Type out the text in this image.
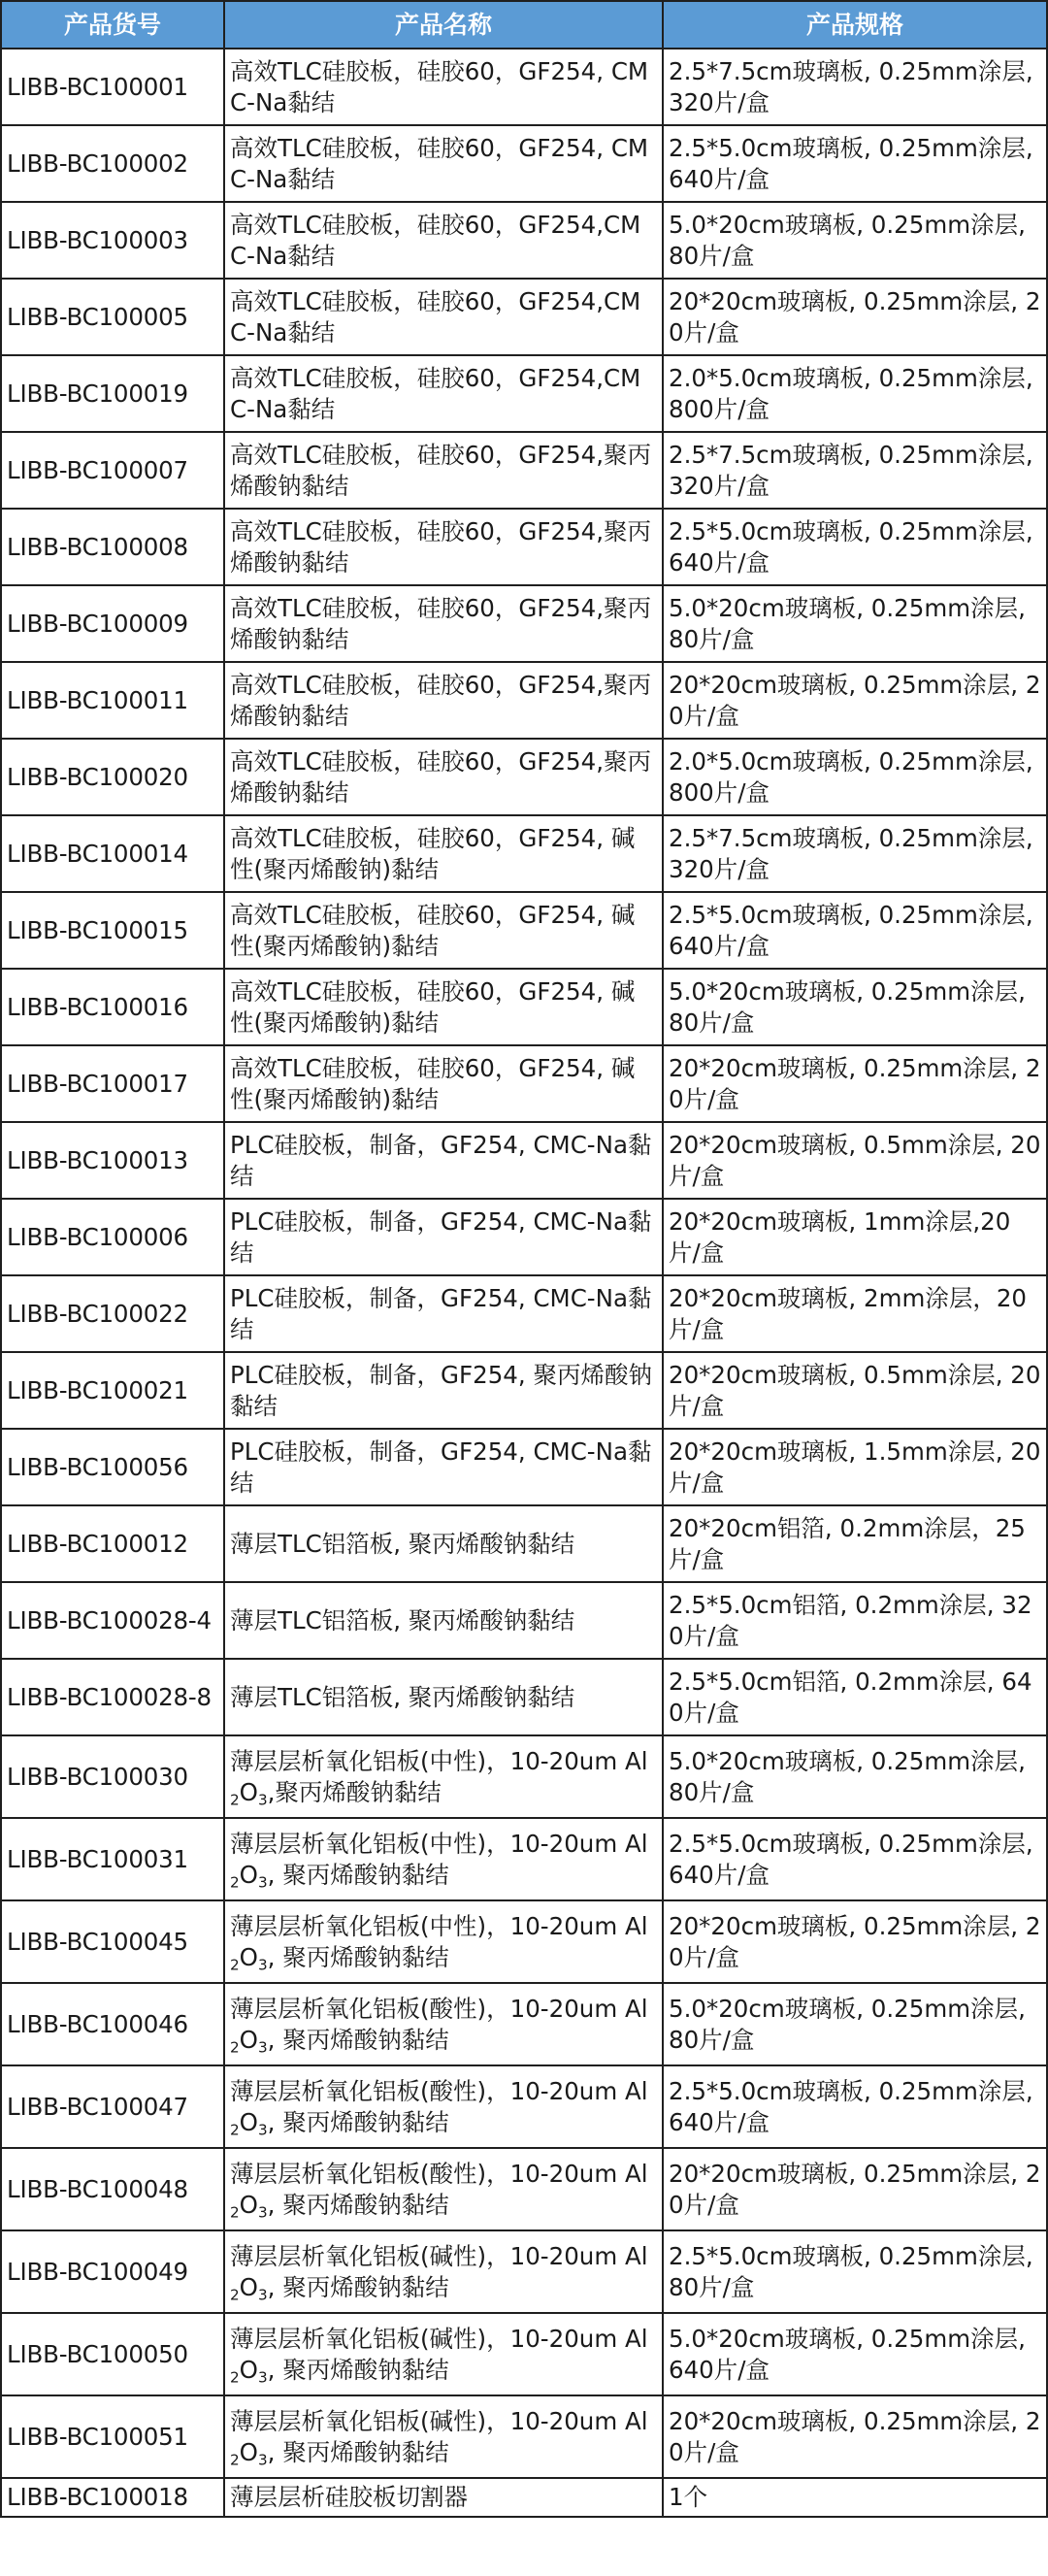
产品货号	产品名称	产品规格
LIBB-BC100001	高效TLC硅胶板，硅胶60，GF254, CMC-Na黏结	2.5*7.5cm玻璃板, 0.25mm涂层, 320片/盒
LIBB-BC100002	高效TLC硅胶板，硅胶60，GF254, CMC-Na黏结	2.5*5.0cm玻璃板, 0.25mm涂层, 640片/盒
LIBB-BC100003	高效TLC硅胶板，硅胶60，GF254,CMC-Na黏结	5.0*20cm玻璃板, 0.25mm涂层, 80片/盒
LIBB-BC100005	高效TLC硅胶板，硅胶60，GF254,CMC-Na黏结	20*20cm玻璃板, 0.25mm涂层, 20片/盒
LIBB-BC100019	高效TLC硅胶板，硅胶60，GF254,CMC-Na黏结	2.0*5.0cm玻璃板, 0.25mm涂层, 800片/盒
LIBB-BC100007	高效TLC硅胶板，硅胶60，GF254,聚丙烯酸钠黏结	2.5*7.5cm玻璃板, 0.25mm涂层, 320片/盒
LIBB-BC100008	高效TLC硅胶板，硅胶60，GF254,聚丙烯酸钠黏结	2.5*5.0cm玻璃板, 0.25mm涂层, 640片/盒
LIBB-BC100009	高效TLC硅胶板，硅胶60，GF254,聚丙烯酸钠黏结	5.0*20cm玻璃板, 0.25mm涂层, 80片/盒
LIBB-BC100011	高效TLC硅胶板，硅胶60，GF254,聚丙烯酸钠黏结	20*20cm玻璃板, 0.25mm涂层, 20片/盒
LIBB-BC100020	高效TLC硅胶板，硅胶60，GF254,聚丙烯酸钠黏结	2.0*5.0cm玻璃板, 0.25mm涂层, 800片/盒
LIBB-BC100014	高效TLC硅胶板，硅胶60，GF254, 碱性(聚丙烯酸钠)黏结	2.5*7.5cm玻璃板, 0.25mm涂层,320片/盒
LIBB-BC100015	高效TLC硅胶板，硅胶60，GF254, 碱性(聚丙烯酸钠)黏结	2.5*5.0cm玻璃板, 0.25mm涂层, 640片/盒
LIBB-BC100016	高效TLC硅胶板，硅胶60，GF254, 碱性(聚丙烯酸钠)黏结	5.0*20cm玻璃板, 0.25mm涂层, 80片/盒
LIBB-BC100017	高效TLC硅胶板，硅胶60，GF254, 碱性(聚丙烯酸钠)黏结	20*20cm玻璃板, 0.25mm涂层, 20片/盒
LIBB-BC100013	PLC硅胶板，制备，GF254, CMC-Na黏结	20*20cm玻璃板, 0.5mm涂层, 20片/盒
LIBB-BC100006	PLC硅胶板，制备，GF254, CMC-Na黏结	20*20cm玻璃板, 1mm涂层,20片/盒
LIBB-BC100022	PLC硅胶板，制备，GF254, CMC-Na黏结	20*20cm玻璃板, 2mm涂层，20片/盒
LIBB-BC100021	PLC硅胶板，制备，GF254, 聚丙烯酸钠黏结	20*20cm玻璃板, 0.5mm涂层, 20片/盒
LIBB-BC100056	PLC硅胶板，制备，GF254, CMC-Na黏结	20*20cm玻璃板, 1.5mm涂层, 20片/盒
LIBB-BC100012	薄层TLC铝箔板, 聚丙烯酸钠黏结	20*20cm铝箔, 0.2mm涂层，25片/盒
LIBB-BC100028-4	薄层TLC铝箔板, 聚丙烯酸钠黏结	2.5*5.0cm铝箔, 0.2mm涂层, 320片/盒
LIBB-BC100028-8	薄层TLC铝箔板, 聚丙烯酸钠黏结	2.5*5.0cm铝箔, 0.2mm涂层, 640片/盒
LIBB-BC100030	薄层层析氧化铝板(中性)，10-20um $Al_2O_3$,聚丙烯酸钠黏结	5.0*20cm玻璃板, 0.25mm涂层, 80片/盒
LIBB-BC100031	薄层层析氧化铝板(中性)，10-20um $Al_2O_3$, 聚丙烯酸钠黏结	2.5*5.0cm玻璃板, 0.25mm涂层, 640片/盒
LIBB-BC100045	薄层层析氧化铝板(中性)，10-20um $Al_2O_3$, 聚丙烯酸钠黏结	20*20cm玻璃板, 0.25mm涂层, 20片/盒
LIBB-BC100046	薄层层析氧化铝板(酸性)，10-20um $Al_2O_3$, 聚丙烯酸钠黏结	5.0*20cm玻璃板, 0.25mm涂层, 80片/盒
LIBB-BC100047	薄层层析氧化铝板(酸性)，10-20um $Al_2O_3$, 聚丙烯酸钠黏结	2.5*5.0cm玻璃板, 0.25mm涂层, 640片/盒
LIBB-BC100048	薄层层析氧化铝板(酸性)，10-20um $Al_2O_3$, 聚丙烯酸钠黏结	20*20cm玻璃板, 0.25mm涂层, 20片/盒
LIBB-BC100049	薄层层析氧化铝板(碱性)，10-20um $Al_2O_3$, 聚丙烯酸钠黏结	2.5*5.0cm玻璃板, 0.25mm涂层, 80片/盒
LIBB-BC100050	薄层层析氧化铝板(碱性)，10-20um $Al_2O_3$, 聚丙烯酸钠黏结	5.0*20cm玻璃板, 0.25mm涂层, 640片/盒
LIBB-BC100051	薄层层析氧化铝板(碱性)，10-20um $Al_2O_3$, 聚丙烯酸钠黏结	20*20cm玻璃板, 0.25mm涂层, 20片/盒
LIBB-BC100018	薄层层析硅胶板切割器	1个
